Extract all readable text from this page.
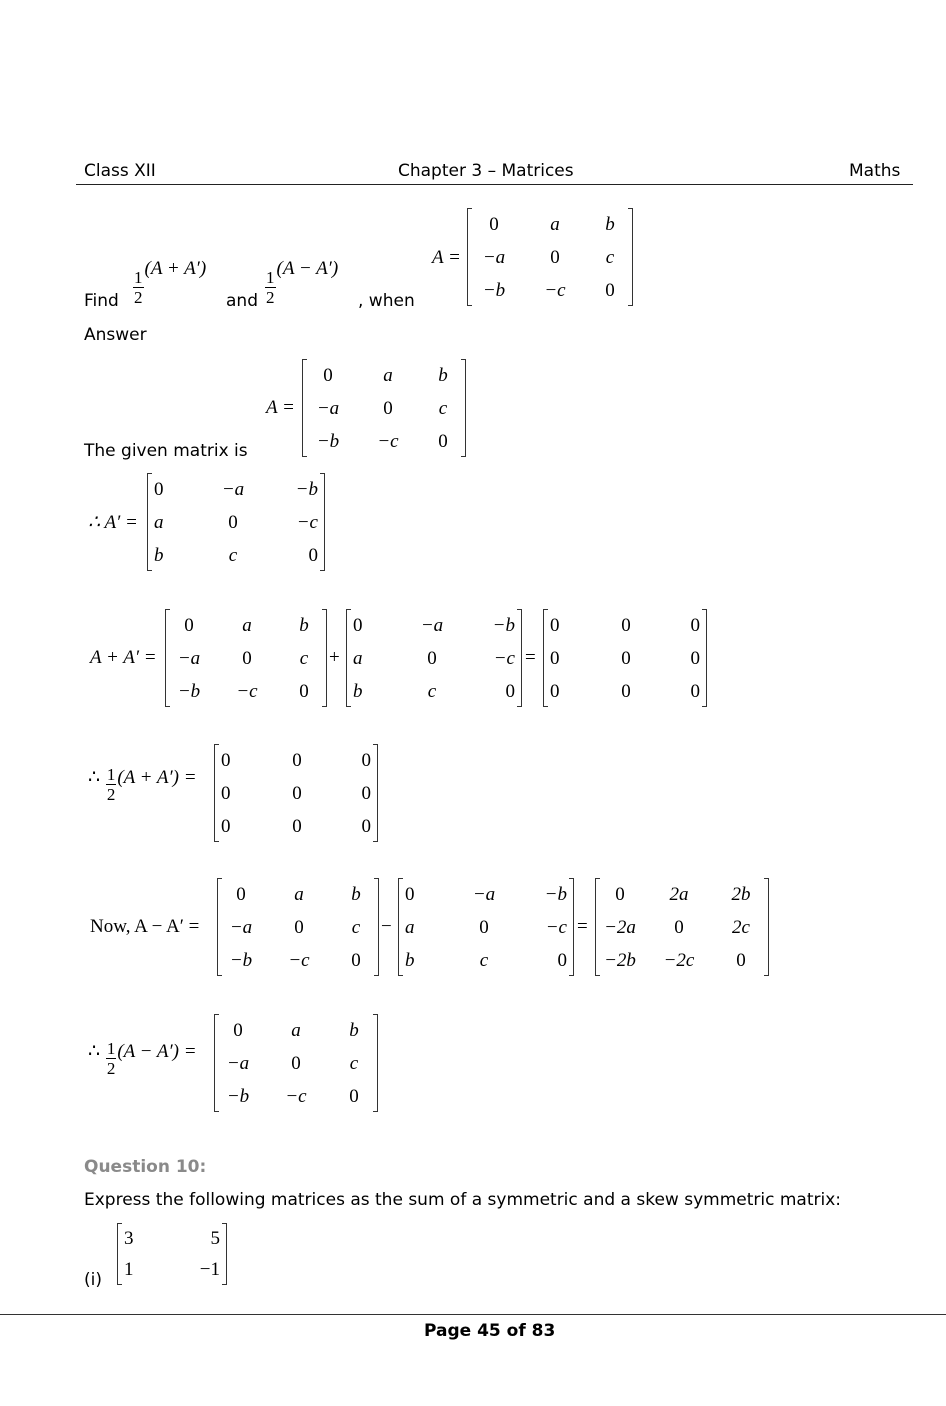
Class XII	Chapter 3 – Matrices	Maths
Find $\frac{1}{2}$
(A + A′)
and $\frac{1}{2}$
(A − A′)
, when
A =
0	a	b
−a	0	c
−b	−c	0
Answer
A =
0	a	b
−a	0	c
−b	−c	0
The given matrix is
∴ A′ =
0	−a	−b
a	0	−c
b	c	0
A + A′ =
0	a	b
−a	0	c
−b	−c	0
+
0	−a	−b
a	0	−c
b	c	0
=
0	0	0
0	0	0
0	0	0
∴ $\frac{1}{2} (A + A')$ =
0	0	0
0	0	0
0	0	0
Now, A − A′ =
0	a	b
−a	0	c
−b	−c	0
−
0	−a	−b
a	0	−c
b	c	0
=
0	2a	2b
−2a	0	2c
−2b	−2c	0
∴ $\frac{1}{2} (A - A')$ =
0	a	b
−a	0	c
−b	−c	0
Question 10:
Express the following matrices as the sum of a symmetric and a skew symmetric matrix:
(i)
3	5
1	−1
Page 45 of 83
